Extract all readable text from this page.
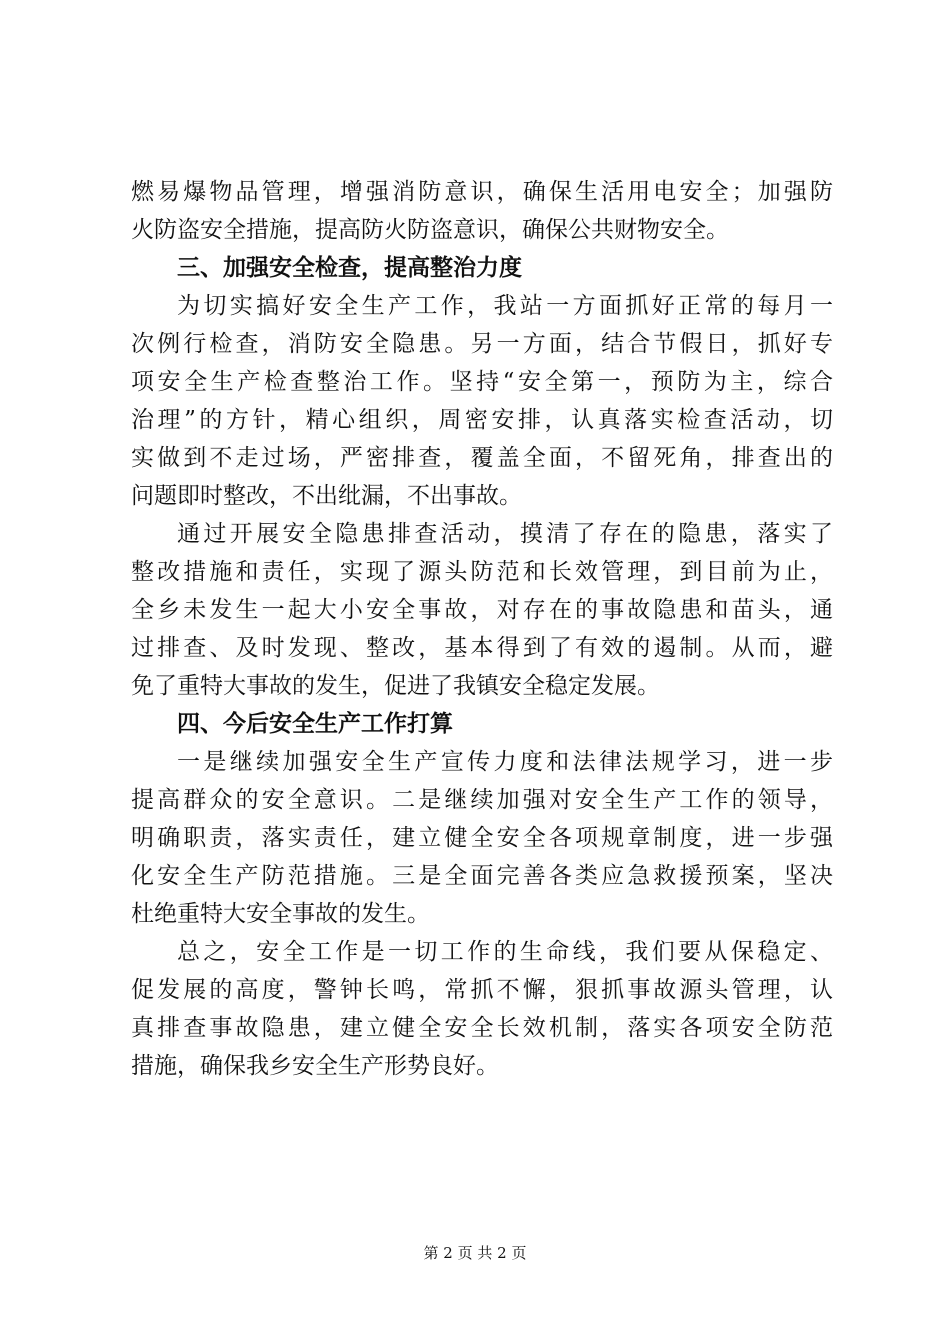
燃易爆物品管理，增强消防意识，确保生活用电安全；加强防
火防盗安全措施，提高防火防盗意识，确保公共财物安全。
三、加强安全检查，提高整治力度
为切实搞好安全生产工作，我站一方面抓好正常的每月一
次例行检查，消防安全隐患。另一方面，结合节假日，抓好专
项安全生产检查整治工作。坚持“安全第一，预防为主，综合
治理”的方针，精心组织，周密安排，认真落实检查活动，切
实做到不走过场，严密排查，覆盖全面，不留死角，排查出的
问题即时整改，不出纰漏，不出事故。
通过开展安全隐患排查活动，摸清了存在的隐患，落实了
整改措施和责任，实现了源头防范和长效管理，到目前为止，
全乡未发生一起大小安全事故，对存在的事故隐患和苗头，通
过排查、及时发现、整改，基本得到了有效的遏制。从而，避
免了重特大事故的发生，促进了我镇安全稳定发展。
四、今后安全生产工作打算
一是继续加强安全生产宣传力度和法律法规学习，进一步
提高群众的安全意识。二是继续加强对安全生产工作的领导，
明确职责，落实责任，建立健全安全各项规章制度，进一步强
化安全生产防范措施。三是全面完善各类应急救援预案，坚决
杜绝重特大安全事故的发生。
总之，安全工作是一切工作的生命线，我们要从保稳定、
促发展的高度，警钟长鸣，常抓不懈，狠抓事故源头管理，认
真排查事故隐患，建立健全安全长效机制，落实各项安全防范
措施，确保我乡安全生产形势良好。
第 2 页 共 2 页
